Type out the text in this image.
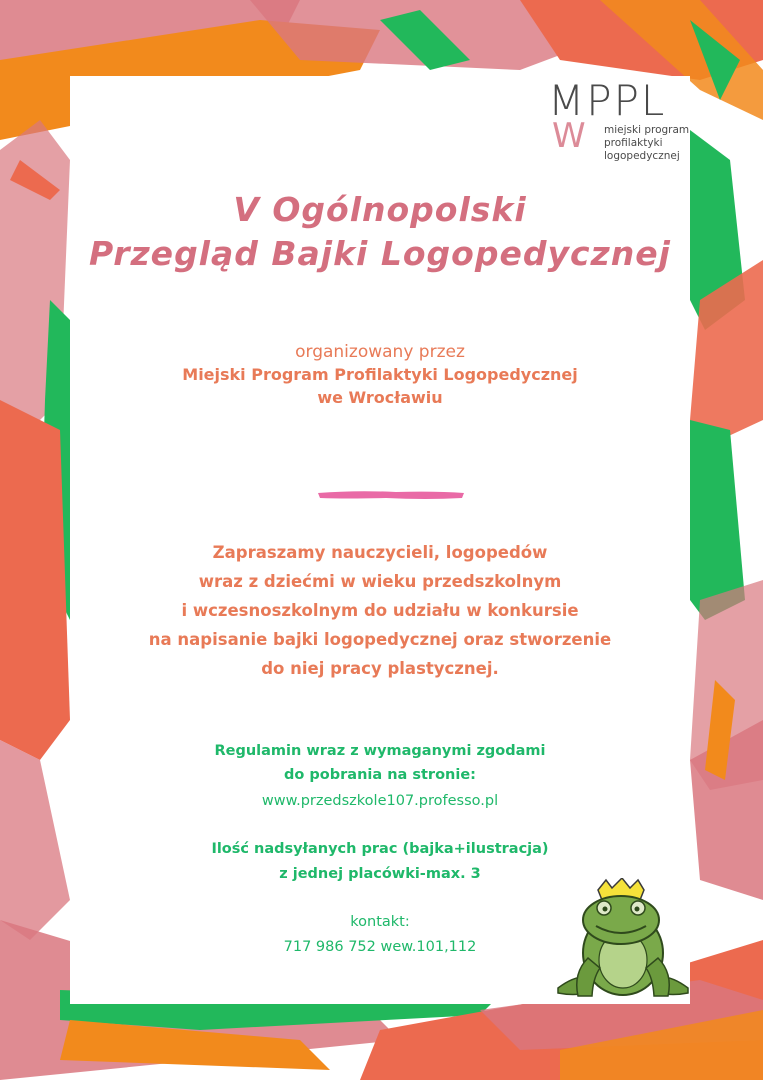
MPPL
W miejski program
profilaktyki
logopedycznej
V Ogólnopolski
Przegląd Bajki Logopedycznej
organizowany przez
Miejski Program Profilaktyki Logopedycznej
we Wrocławiu
Zapraszamy nauczycieli, logopedów
wraz z dziećmi w wieku przedszkolnym
i wczesnoszkolnym do udziału w konkursie
na napisanie bajki logopedycznej oraz stworzenie
do niej pracy plastycznej.
Regulamin wraz z wymaganymi zgodami
do pobrania na stronie:
www.przedszkole107.professo.pl
Ilość nadsyłanych prac (bajka+ilustracja)
z jednej placówki-max. 3
kontakt:
717 986 752 wew.101,112
